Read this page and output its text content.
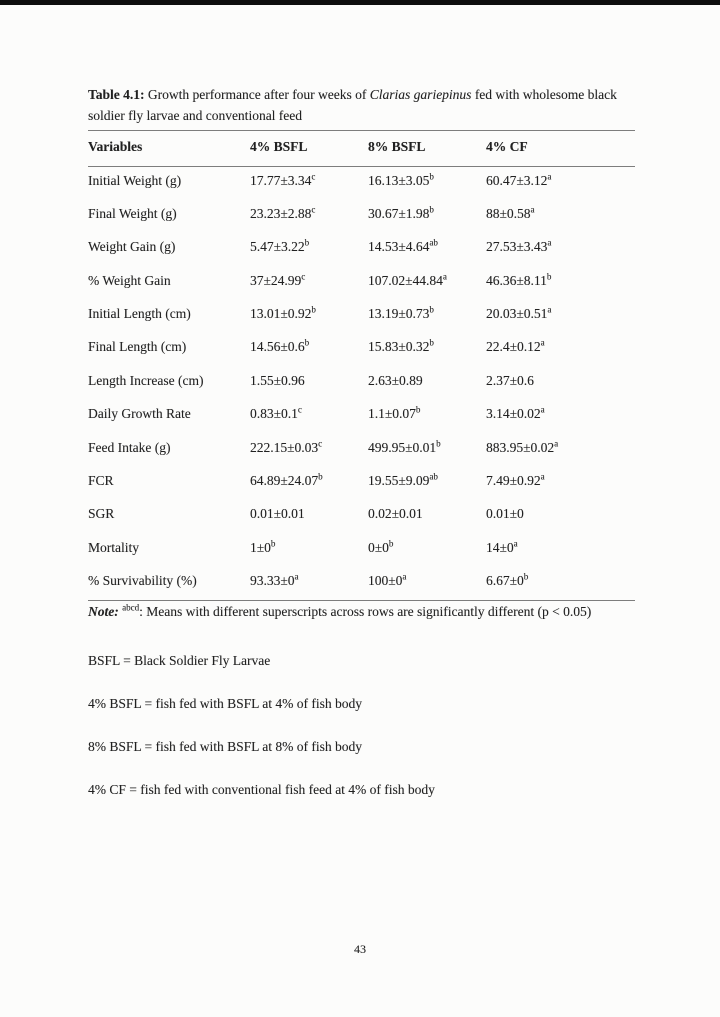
Table 4.1: Growth performance after four weeks of Clarias gariepinus fed with wholesome black soldier fly larvae and conventional feed

Variables	4% BSFL	8% BSFL	4% CF
Initial Weight (g)	17.77±3.34$^c$	16.13±3.05$^b$	60.47±3.12$^a$
Final Weight (g)	23.23±2.88$^c$	30.67±1.98$^b$	88±0.58$^a$
Weight Gain (g)	5.47±3.22$^b$	14.53±4.64$^{ab}$	27.53±3.43$^a$
% Weight Gain	37±24.99$^c$	107.02±44.84$^a$	46.36±8.11$^b$
Initial Length (cm)	13.01±0.92$^b$	13.19±0.73$^b$	20.03±0.51$^a$
Final Length (cm)	14.56±0.6$^b$	15.83±0.32$^b$	22.4±0.12$^a$
Length Increase (cm)	1.55±0.96	2.63±0.89	2.37±0.6
Daily Growth Rate	0.83±0.1$^c$	1.1±0.07$^b$	3.14±0.02$^a$
Feed Intake (g)	222.15±0.03$^c$	499.95±0.01$^b$	883.95±0.02$^a$
FCR	64.89±24.07$^b$	19.55±9.09$^{ab}$	7.49±0.92$^a$
SGR	0.01±0.01	0.02±0.01	0.01±0
Mortality	$1\pm 0^b$	$0\pm 0^b$	$14\pm 0^a$
% Survivability (%)	$93.33\pm 0^a$	$100\pm 0^a$	$6.67\pm 0^b$

Note: $^{abcd}$: Means with different superscripts across rows are significantly different (p < 0.05)

BSFL = Black Soldier Fly Larvae

4% BSFL = fish fed with BSFL at 4% of fish body

8% BSFL = fish fed with BSFL at 8% of fish body

4% CF = fish fed with conventional fish feed at 4% of fish body

43
